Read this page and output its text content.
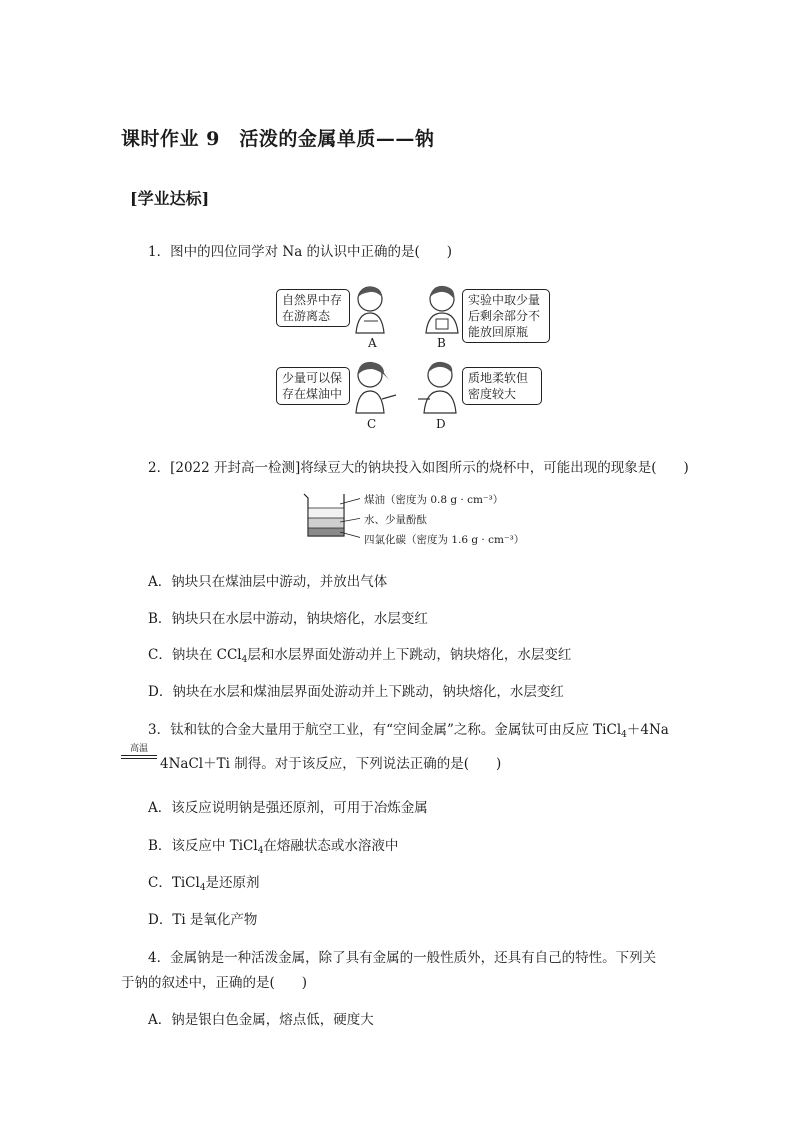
课时作业 9　活泼的金属单质——钠
[学业达标]
1．图中的四位同学对 Na 的认识中正确的是(　　)
自然界中存在游离态
A	B
实验中取少量后剩余部分不能放回原瓶
少量可以保存在煤油中
C	D
质地柔软但密度较大
2．[2022 开封高一检测]将绿豆大的钠块投入如图所示的烧杯中，可能出现的现象是(　　)
煤油（密度为 0.8 g · cm⁻³）
水、少量酚酞
四氯化碳（密度为 1.6 g · cm⁻³）
A．钠块只在煤油层中游动，并放出气体
B．钠块只在水层中游动，钠块熔化，水层变红
C．钠块在 CCl$_4$层和水层界面处游动并上下跳动，钠块熔化，水层变红
D．钠块在水层和煤油层界面处游动并上下跳动，钠块熔化，水层变红
3．钛和钛的合金大量用于航空工业，有“空间金属”之称。金属钛可由反应 TiCl$_4$＋4Na
高温
4NaCl＋Ti 制得。对于该反应，下列说法正确的是(　　)
A．该反应说明钠是强还原剂，可用于冶炼金属
B．该反应中 TiCl$_4$在熔融状态或水溶液中
C．TiCl$_4$是还原剂
D．Ti 是氧化产物
4．金属钠是一种活泼金属，除了具有金属的一般性质外，还具有自己的特性。下列关
于钠的叙述中，正确的是(　　)
A．钠是银白色金属，熔点低，硬度大
